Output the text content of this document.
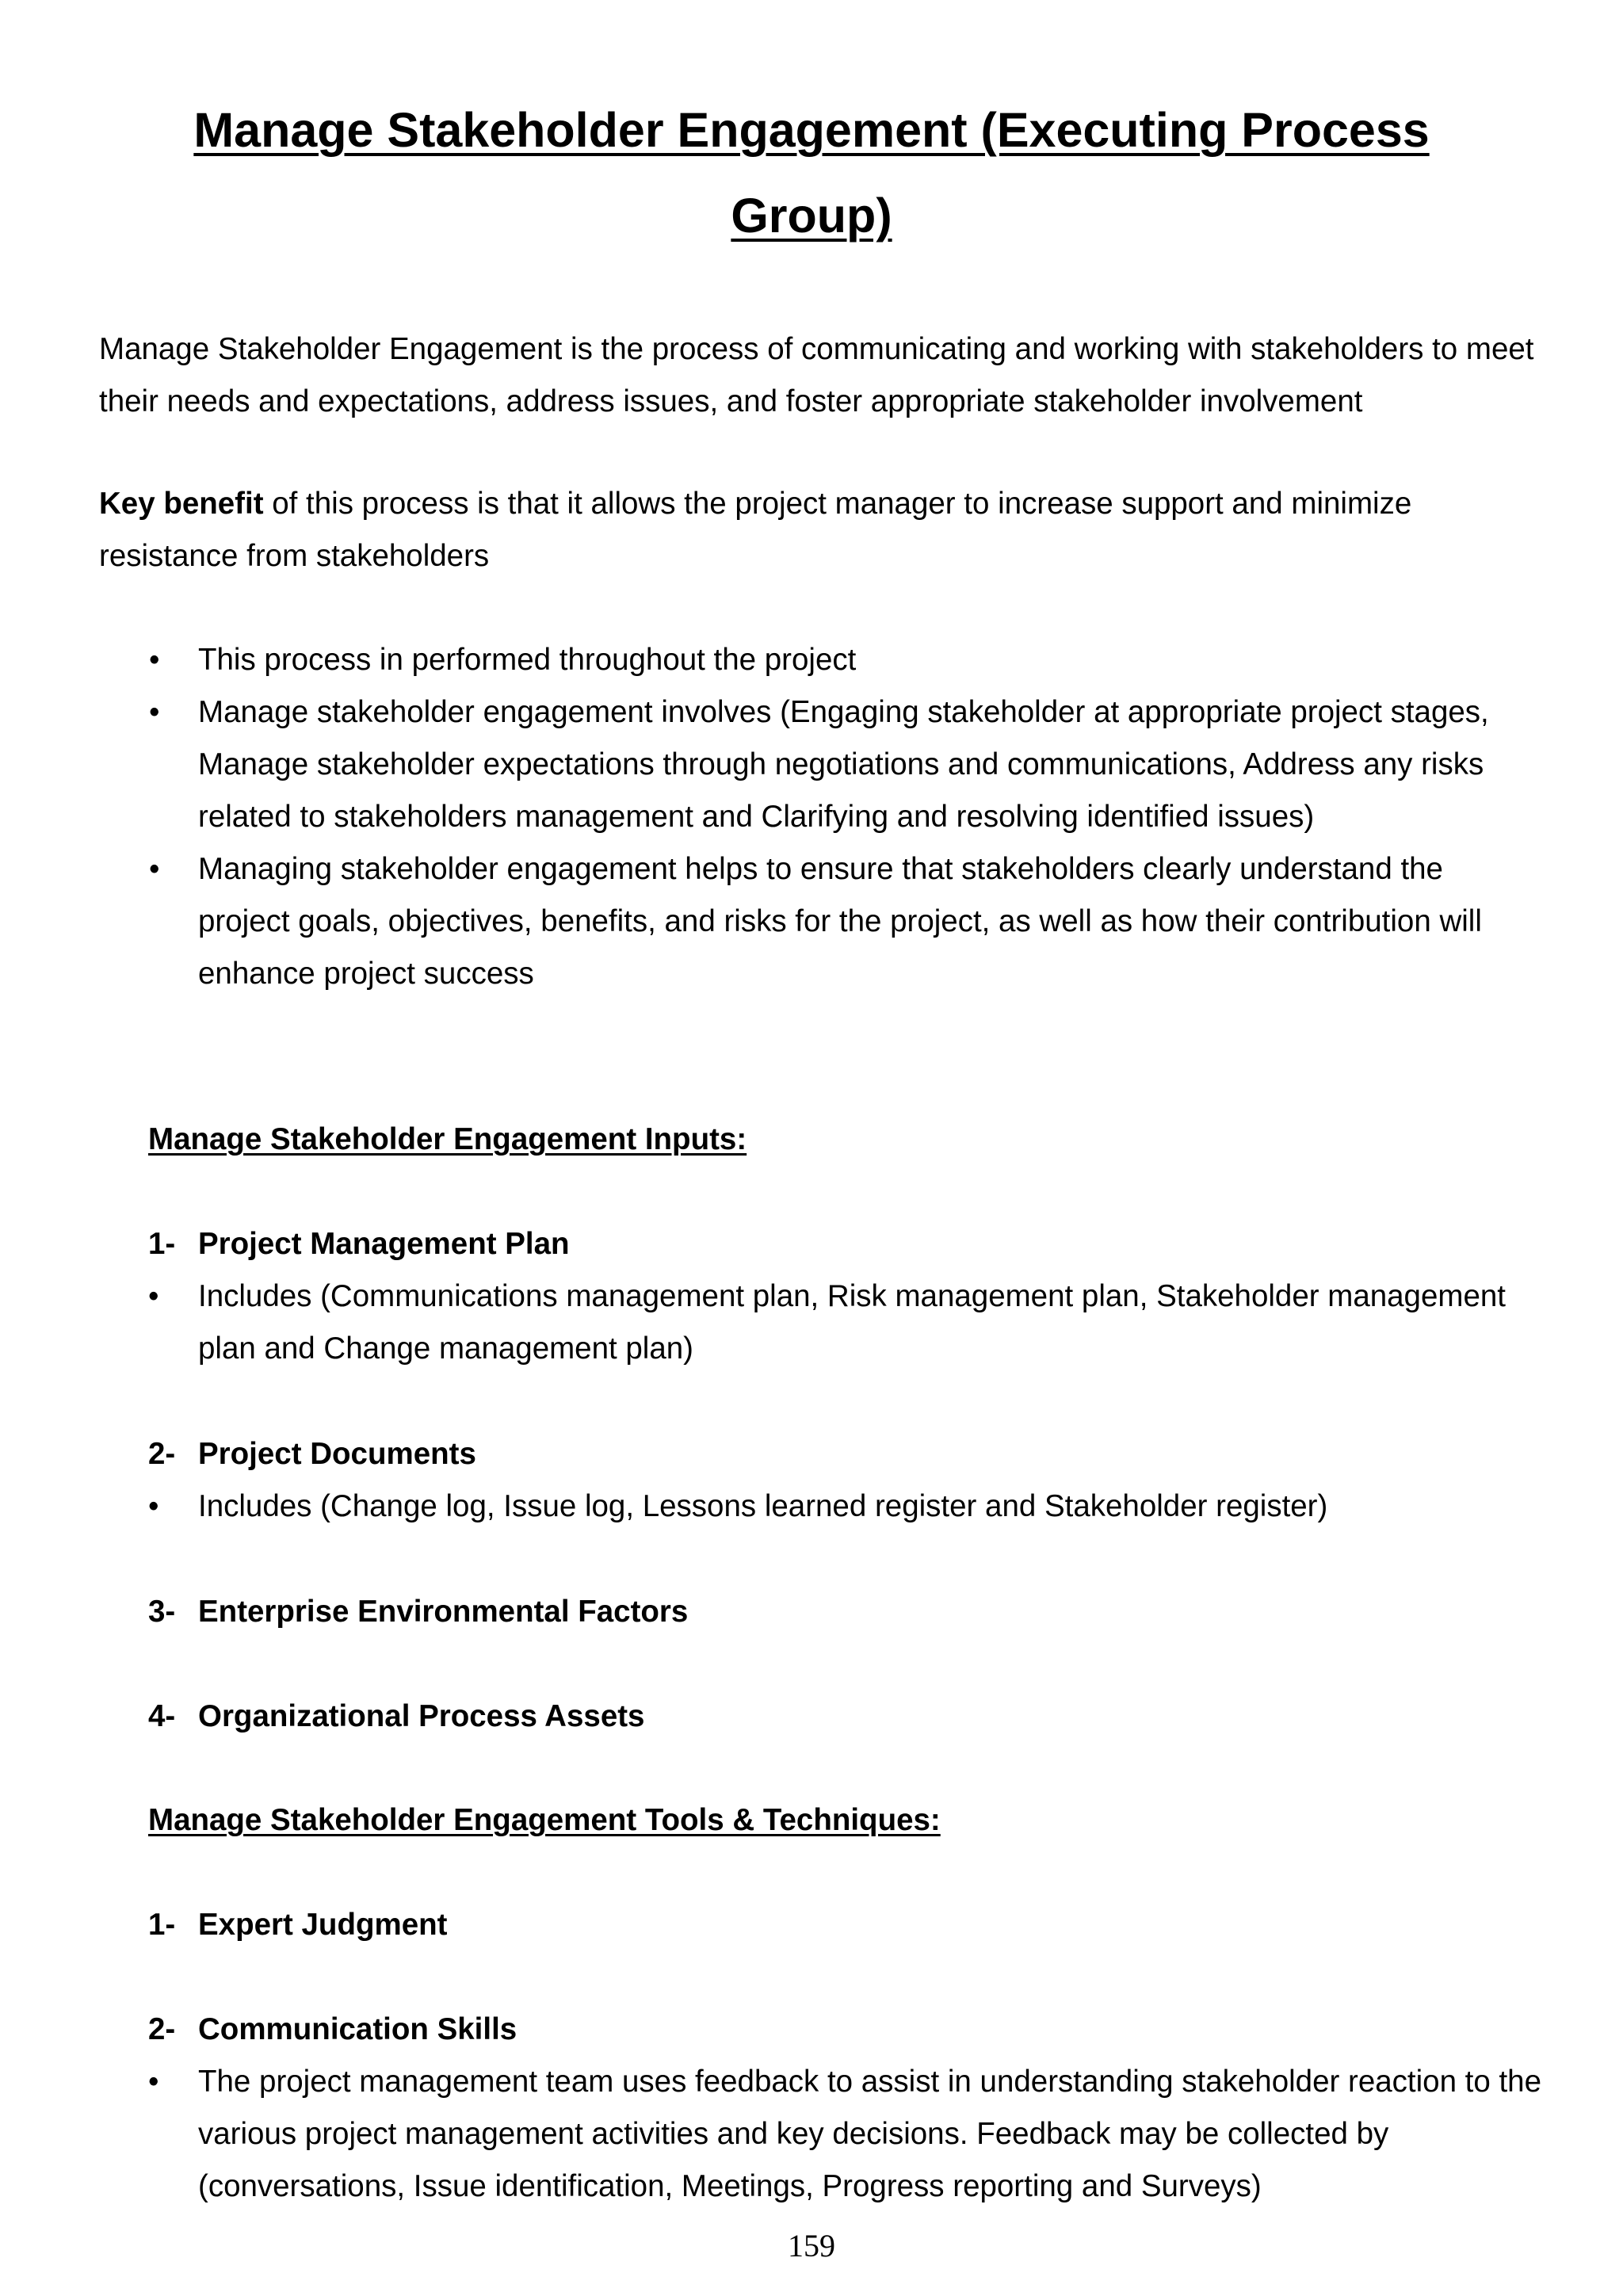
Manage Stakeholder Engagement (Executing Process Group)

Manage Stakeholder Engagement is the process of communicating and working with stakeholders to meet their needs and expectations, address issues, and foster appropriate stakeholder involvement

Key benefit of this process is that it allows the project manager to increase support and minimize resistance from stakeholders

• This process in performed throughout the project
• Manage stakeholder engagement involves (Engaging stakeholder at appropriate project stages, Manage stakeholder expectations through negotiations and communications, Address any risks related to stakeholders management and Clarifying and resolving identified issues)
• Managing stakeholder engagement helps to ensure that stakeholders clearly understand the project goals, objectives, benefits, and risks for the project, as well as how their contribution will enhance project success

Manage Stakeholder Engagement Inputs:

1- Project Management Plan

• Includes (Communications management plan, Risk management plan, Stakeholder management plan and Change management plan)

2- Project Documents

• Includes (Change log, Issue log, Lessons learned register and Stakeholder register)

3- Enterprise Environmental Factors

4- Organizational Process Assets

Manage Stakeholder Engagement Tools & Techniques:

1- Expert Judgment

2- Communication Skills

• The project management team uses feedback to assist in understanding stakeholder reaction to the various project management activities and key decisions. Feedback may be collected by (conversations, Issue identification, Meetings, Progress reporting and Surveys)

159
